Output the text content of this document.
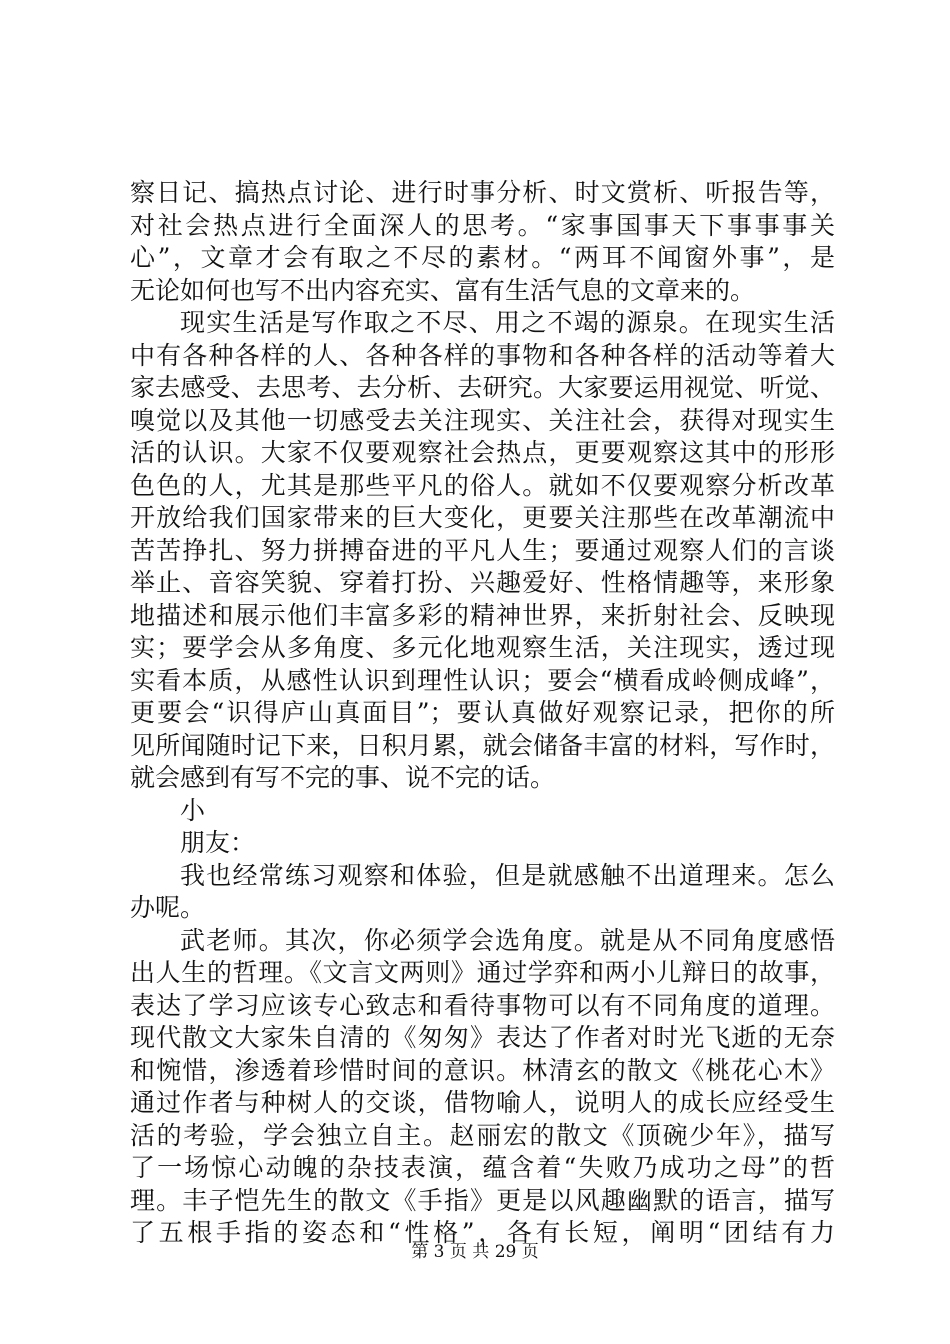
察日记、搞热点讨论、进行时事分析、时文赏析、听报告等，
对社会热点进行全面深人的思考。“家事国事天下事事事关
心”，文章才会有取之不尽的素材。“两耳不闻窗外事”，是
无论如何也写不出内容充实、富有生活气息的文章来的。
现实生活是写作取之不尽、用之不竭的源泉。在现实生活
中有各种各样的人、各种各样的事物和各种各样的活动等着大
家去感受、去思考、去分析、去研究。大家要运用视觉、听觉、
嗅觉以及其他一切感受去关注现实、关注社会，获得对现实生
活的认识。大家不仅要观察社会热点，更要观察这其中的形形
色色的人，尤其是那些平凡的俗人。就如不仅要观察分析改革
开放给我们国家带来的巨大变化，更要关注那些在改革潮流中
苦苦挣扎、努力拼搏奋进的平凡人生；要通过观察人们的言谈
举止、音容笑貌、穿着打扮、兴趣爱好、性格情趣等，来形象
地描述和展示他们丰富多彩的精神世界，来折射社会、反映现
实；要学会从多角度、多元化地观察生活，关注现实，透过现
实看本质，从感性认识到理性认识；要会“横看成岭侧成峰”，
更要会“识得庐山真面目”；要认真做好观察记录，把你的所
见所闻随时记下来，日积月累，就会储备丰富的材料，写作时，
就会感到有写不完的事、说不完的话。
小
朋友：
我也经常练习观察和体验，但是就感触不出道理来。怎么
办呢。
武老师。其次，你必须学会选角度。就是从不同角度感悟
出人生的哲理。《文言文两则》通过学弈和两小儿辩日的故事，
表达了学习应该专心致志和看待事物可以有不同角度的道理。
现代散文大家朱自清的《匆匆》表达了作者对时光飞逝的无奈
和惋惜，渗透着珍惜时间的意识。林清玄的散文《桃花心木》
通过作者与种树人的交谈，借物喻人，说明人的成长应经受生
活的考验，学会独立自主。赵丽宏的散文《顶碗少年》，描写
了一场惊心动魄的杂技表演，蕴含着“失败乃成功之母”的哲
理。丰子恺先生的散文《手指》更是以风趣幽默的语言，描写
了五根手指的姿态和“性格”，各有长短，阐明“团结有力
第 3 页 共 29 页
